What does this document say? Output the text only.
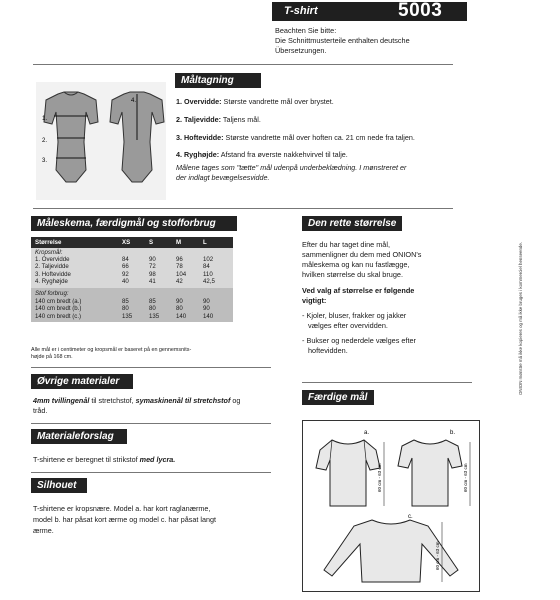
T-shirt	5003
Beachten Sie bitte:
Die Schnittmusterteile enthalten deutsche
Übersetzungen.
1.
2.
3.
4.
Måltagning
1. Overvidde: Største vandrette mål over brystet.
2. Taljevidde: Taljens mål.
3. Hoftevidde: Største vandrette mål over hoften ca. 21 cm nede fra taljen.
4. Ryghøjde: Afstand fra øverste nakkehvirvel til talje.
Målene tages som "tætte" mål udenpå underbeklædning. I mønstreret er
der indlagt bevægelsesvidde.
Måleskema, færdigmål og stofforbrug
Størrelse	XS	S	M	L
Kropsmål:
1. Overvidde	84	90	96	102
2. Taljevidde	66	72	78	84
3. Hoftevidde	92	98	104	110
4. Ryghøjde	40	41	42	42,5
Stof forbrug:
140 cm bredt (a.)	85	85	90	90
140 cm bredt (b.)	80	80	80	90
140 cm bredt (c.)	135	135	140	140
Alle mål er i centimeter og kropsmål er baseret på en gennemsnits-
højde på 168 cm.
Øvrige materialer
4mm tvillingenål til stretchstof, symaskinenål til stretchstof og
tråd.
Materialeforslag
T-shirtene er beregnet til strikstof med lycra.
Silhouet
T-shirtene er kropsnære. Model a. har kort raglanærme,
model b. har påsat kort ærme og model c. har påsat langt
ærme.
Den rette størrelse
Efter du har taget dine mål,
sammenligner du dem med ONION's
måleskema og kan nu fastlægge,
hvilken størrelse du skal bruge.
Ved valg af størrelse er følgende
vigtigt:
- Kjoler, bluser, frakker og jakker
vælges efter overvidden.
- Bukser og nederdele vælges efter
hoftevidden.
Færdige mål
a.
60 cm - 63 cm
b.
60 cm - 63 cm
c.
60 cm - 63 cm
ONION mønstre må ikke kopieres og må ikke bruges i kommerciel henseende.
